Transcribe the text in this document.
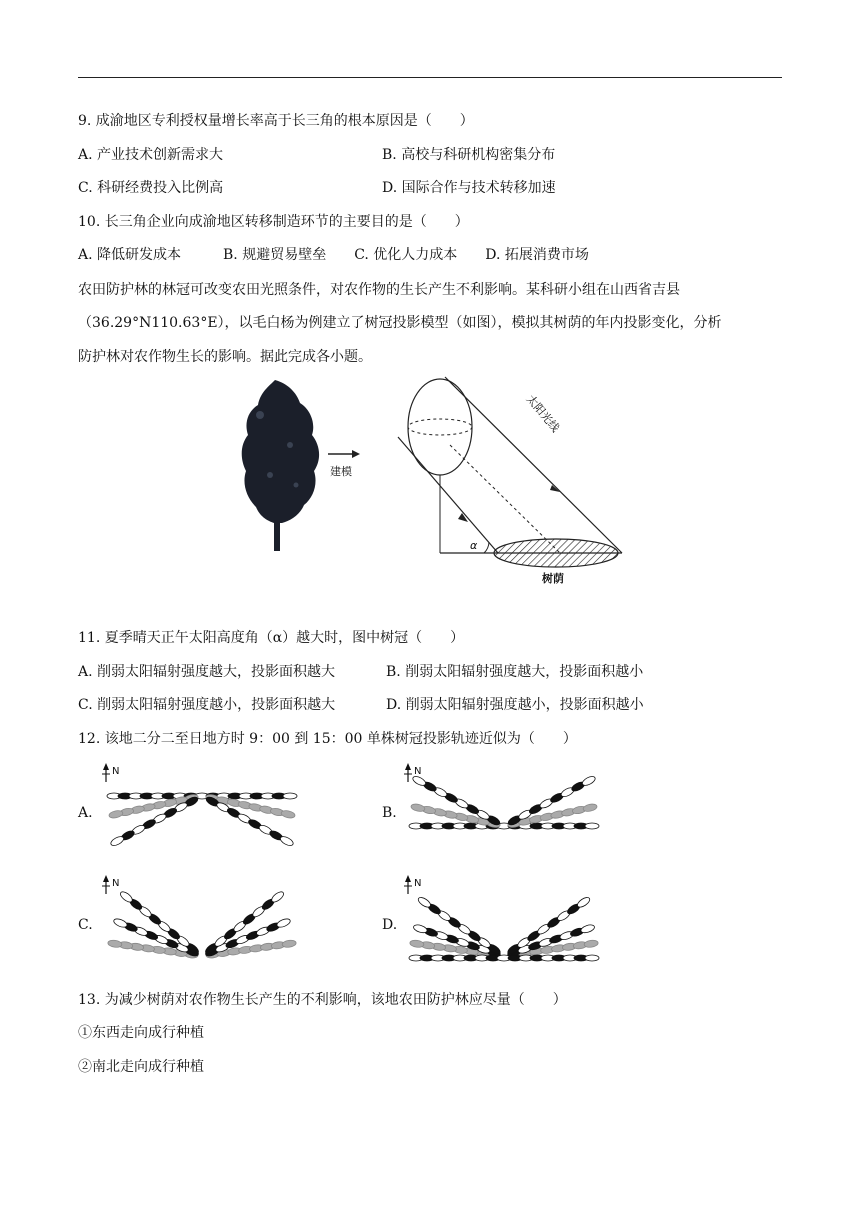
9. 成渝地区专利授权量增长率高于长三角的根本原因是（　　）
A. 产业技术创新需求大	B. 高校与科研机构密集分布
C. 科研经费投入比例高	D. 国际合作与技术转移加速
10. 长三角企业向成渝地区转移制造环节的主要目的是（　　）
A. 降低研发成本　　　B. 规避贸易壁垒　　C. 优化人力成本　　D. 拓展消费市场
农田防护林的林冠可改变农田光照条件，对农作物的生长产生不利影响。某科研小组在山西省吉县
（36.29°N110.63°E），以毛白杨为例建立了树冠投影模型（如图），模拟其树荫的年内投影变化，分析
防护林对农作物生长的影响。据此完成各小题。
建模
α
树荫
太阳光线
11. 夏季晴天正午太阳高度角（α）越大时，图中树冠（　　）
A. 削弱太阳辐射强度越大，投影面积越大	B. 削弱太阳辐射强度越大，投影面积越小
C. 削弱太阳辐射强度越小，投影面积越大	D. 削弱太阳辐射强度越小，投影面积越小
12. 该地二分二至日地方时 9：00 到 15：00 单株树冠投影轨迹近似为（　　）
A.	B.
C.	D.
N	N
N	N
13. 为减少树荫对农作物生长产生的不利影响，该地农田防护林应尽量（　　）
①东西走向成行种植
②南北走向成行种植
